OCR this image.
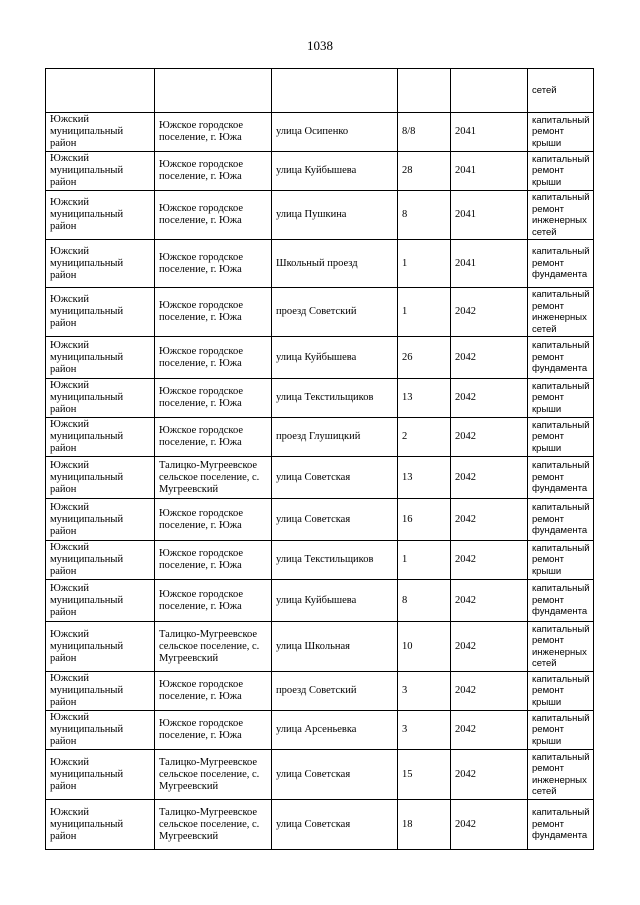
1038
					сетей
Южский муниципальный район	Южское городское поселение, г. Южа	улица Осипенко	8/8	2041	капитальный ремонт крыши
Южский муниципальный район	Южское городское поселение, г. Южа	улица Куйбышева	28	2041	капитальный ремонт крыши
Южский муниципальный район	Южское городское поселение, г. Южа	улица Пушкина	8	2041	капитальный ремонт инженерных сетей
Южский муниципальный район	Южское городское поселение, г. Южа	Школьный проезд	1	2041	капитальный ремонт фундамента
Южский муниципальный район	Южское городское поселение, г. Южа	проезд Советский	1	2042	капитальный ремонт инженерных сетей
Южский муниципальный район	Южское городское поселение, г. Южа	улица Куйбышева	26	2042	капитальный ремонт фундамента
Южский муниципальный район	Южское городское поселение, г. Южа	улица Текстильщиков	13	2042	капитальный ремонт крыши
Южский муниципальный район	Южское городское поселение, г. Южа	проезд Глушицкий	2	2042	капитальный ремонт крыши
Южский муниципальный район	Талицко-Мугреевское сельское поселение, с. Мугреевский	улица Советская	13	2042	капитальный ремонт фундамента
Южский муниципальный район	Южское городское поселение, г. Южа	улица Советская	16	2042	капитальный ремонт фундамента
Южский муниципальный район	Южское городское поселение, г. Южа	улица Текстильщиков	1	2042	капитальный ремонт крыши
Южский муниципальный район	Южское городское поселение, г. Южа	улица Куйбышева	8	2042	капитальный ремонт фундамента
Южский муниципальный район	Талицко-Мугреевское сельское поселение, с. Мугреевский	улица Школьная	10	2042	капитальный ремонт инженерных сетей
Южский муниципальный район	Южское городское поселение, г. Южа	проезд Советский	3	2042	капитальный ремонт крыши
Южский муниципальный район	Южское городское поселение, г. Южа	улица Арсеньевка	3	2042	капитальный ремонт крыши
Южский муниципальный район	Талицко-Мугреевское сельское поселение, с. Мугреевский	улица Советская	15	2042	капитальный ремонт инженерных сетей
Южский муниципальный район	Талицко-Мугреевское сельское поселение, с. Мугреевский	улица Советская	18	2042	капитальный ремонт фундамента
